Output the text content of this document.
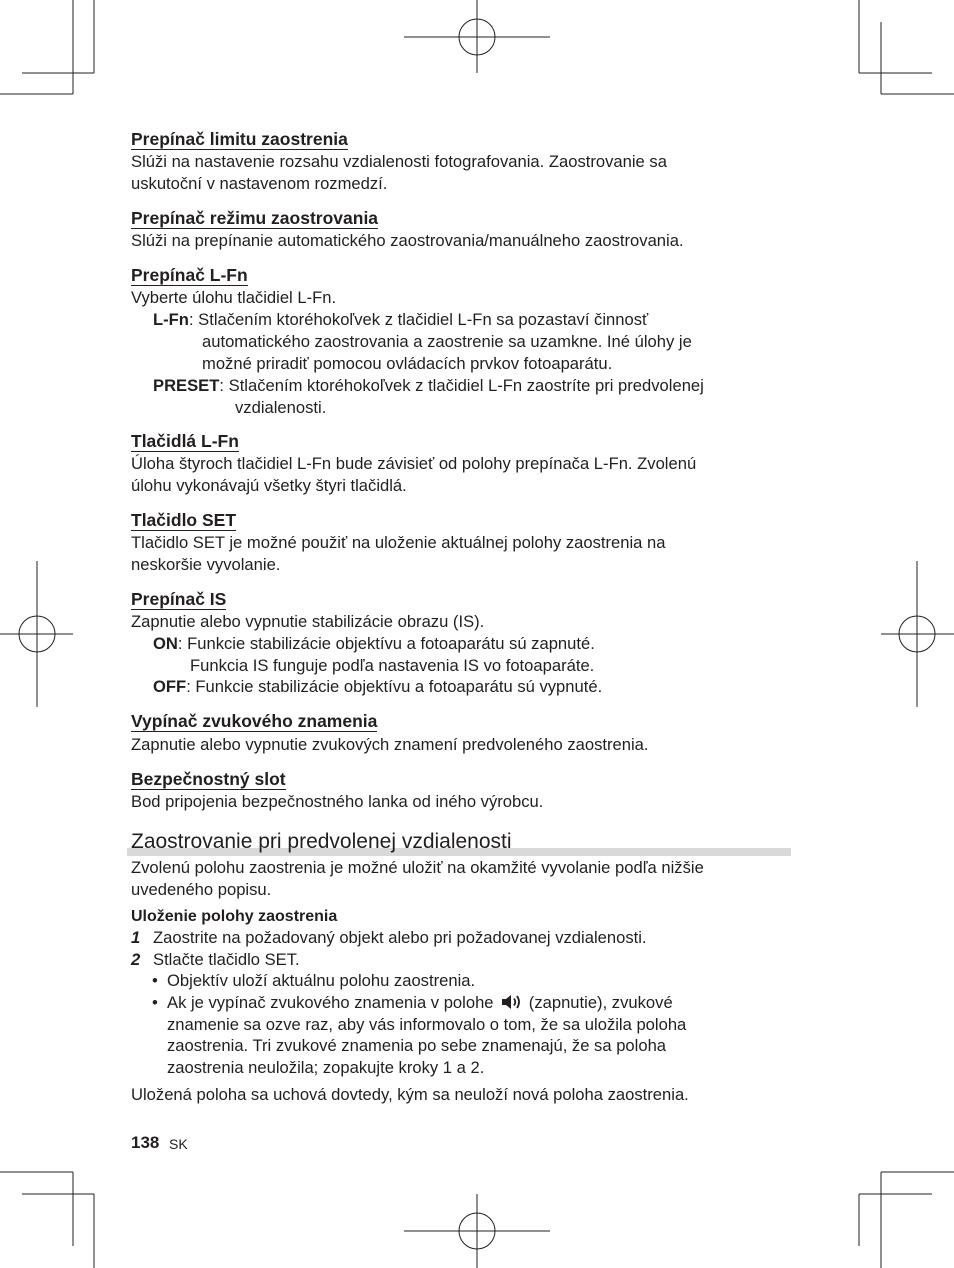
Prepínač limitu zaostrenia
Slúži na nastavenie rozsahu vzdialenosti fotografovania. Zaostrovanie sa
uskutoční v nastavenom rozmedzí.
Prepínač režimu zaostrovania
Slúži na prepínanie automatického zaostrovania/manuálneho zaostrovania.
Prepínač L-Fn
Vyberte úlohu tlačidiel L-Fn.
L-Fn: Stlačením ktoréhokoľvek z tlačidiel L-Fn sa pozastaví činnosť
automatického zaostrovania a zaostrenie sa uzamkne. Iné úlohy je
možné priradiť pomocou ovládacích prvkov fotoaparátu.
PRESET: Stlačením ktoréhokoľvek z tlačidiel L-Fn zaostríte pri predvolenej
vzdialenosti.
Tlačidlá L-Fn
Úloha štyroch tlačidiel L-Fn bude závisieť od polohy prepínača L-Fn. Zvolenú
úlohu vykonávajú všetky štyri tlačidlá.
Tlačidlo SET
Tlačidlo SET je možné použiť na uloženie aktuálnej polohy zaostrenia na
neskoršie vyvolanie.
Prepínač IS
Zapnutie alebo vypnutie stabilizácie obrazu (IS).
ON: Funkcie stabilizácie objektívu a fotoaparátu sú zapnuté.
Funkcia IS funguje podľa nastavenia IS vo fotoaparáte.
OFF: Funkcie stabilizácie objektívu a fotoaparátu sú vypnuté.
Vypínač zvukového znamenia
Zapnutie alebo vypnutie zvukových znamení predvoleného zaostrenia.
Bezpečnostný slot
Bod pripojenia bezpečnostného lanka od iného výrobcu.
Zaostrovanie pri predvolenej vzdialenosti
Zvolenú polohu zaostrenia je možné uložiť na okamžité vyvolanie podľa nižšie
uvedeného popisu.
Uloženie polohy zaostrenia
1 Zaostrite na požadovaný objekt alebo pri požadovanej vzdialenosti.
2 Stlačte tlačidlo SET.
• Objektív uloží aktuálnu polohu zaostrenia.
• Ak je vypínač zvukového znamenia v polohe (zapnutie), zvukové
znamenie sa ozve raz, aby vás informovalo o tom, že sa uložila poloha
zaostrenia. Tri zvukové znamenia po sebe znamenajú, že sa poloha
zaostrenia neuložila; zopakujte kroky 1 a 2.
Uložená poloha sa uchová dovtedy, kým sa neuloží nová poloha zaostrenia.
138 SK
